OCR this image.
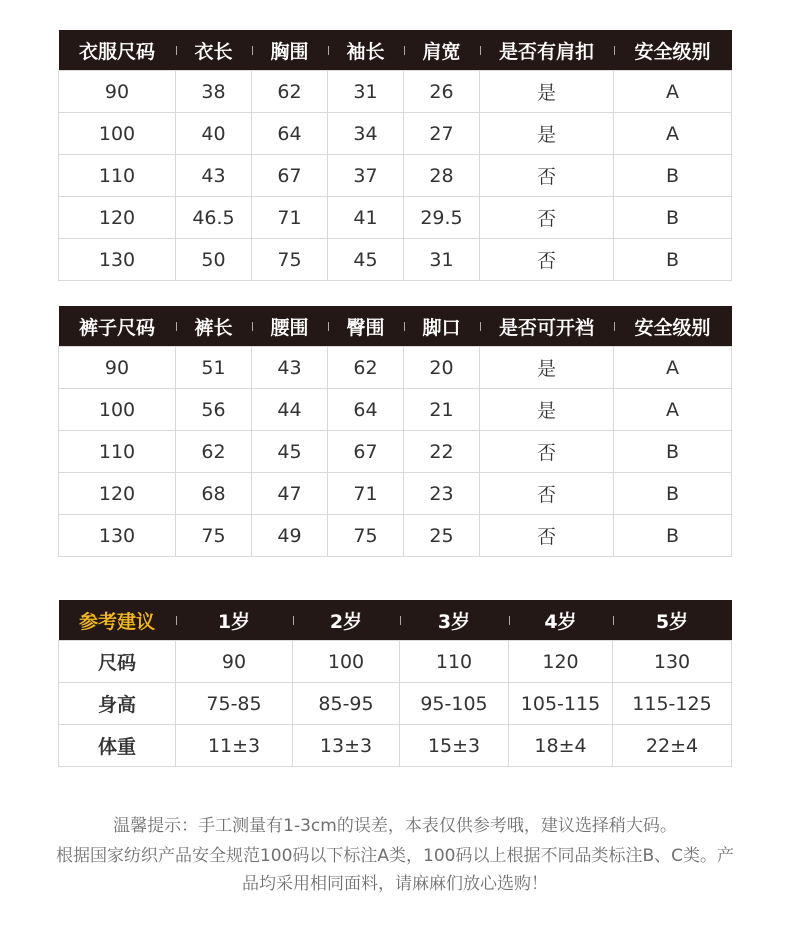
衣服尺码	衣长	胸围	袖长	肩宽	是否有肩扣	安全级别
90	38	62	31	26	是	A
100	40	64	34	27	是	A
110	43	67	37	28	否	B
120	46.5	71	41	29.5	否	B
130	50	75	45	31	否	B
裤子尺码	裤长	腰围	臀围	脚口	是否可开裆	安全级别
90	51	43	62	20	是	A
100	56	44	64	21	是	A
110	62	45	67	22	否	B
120	68	47	71	23	否	B
130	75	49	75	25	否	B
参考建议	1岁	2岁	3岁	4岁	5岁
尺码	90	100	110	120	130
身高	75-85	85-95	95-105	105-115	115-125
体重	11±3	13±3	15±3	18±4	22±4
温馨提示：手工测量有1-3cm的误差，本表仅供参考哦，建议选择稍大码。
根据国家纺织产品安全规范100码以下标注A类，100码以上根据不同品类标注B、C类。产品均采用相同面料，请麻麻们放心选购！
